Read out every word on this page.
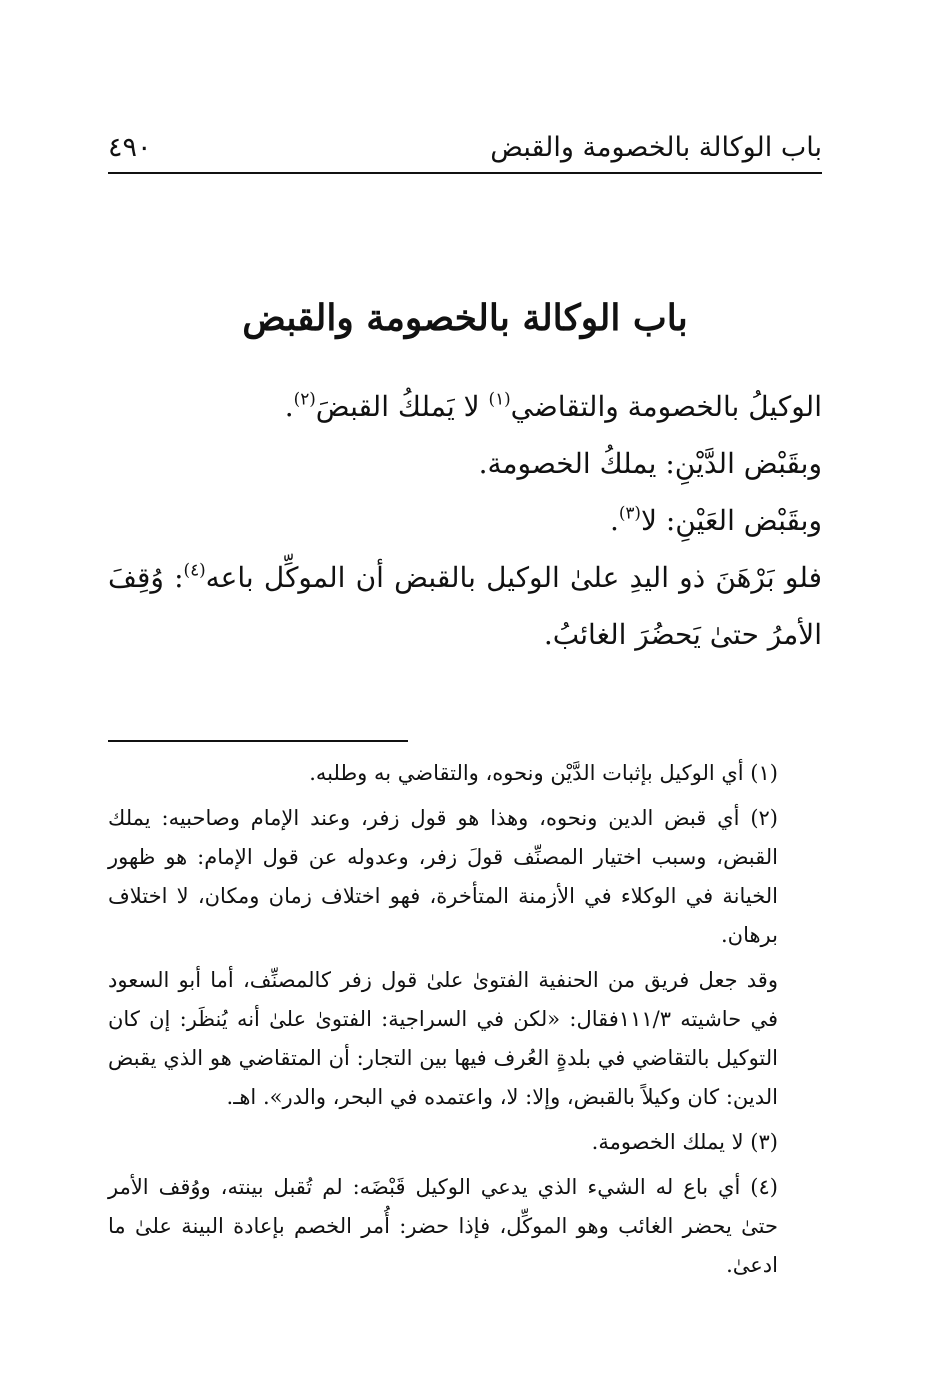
باب الوكالة بالخصومة والقبض
٤٩٠
باب الوكالة بالخصومة والقبض

الوكيلُ بالخصومة والتقاضي$^{(١)}$ لا يَملكُ القبضَ$^{(٢)}$.

وبقَبْض الدَّيْنِ: يملكُ الخصومة.

وبقَبْض العَيْنِ: لا$^{(٣)}$.

فلو بَرْهَنَ ذو اليدِ علىٰ الوكيل بالقبض أن الموكِّل باعه$^{(٤)}$: وُقِفَ الأمرُ حتىٰ يَحضُرَ الغائبُ.

(١) أي الوكيل بإثبات الدَّيْن ونحوه، والتقاضي به وطلبه.

(٢) أي قبض الدين ونحوه، وهذا هو قول زفر، وعند الإمام وصاحبيه: يملك القبض، وسبب اختيار المصنِّف قولَ زفر، وعدوله عن قول الإمام: هو ظهور الخيانة في الوكلاء في الأزمنة المتأخرة، فهو اختلاف زمان ومكان، لا اختلاف برهان.

وقد جعل فريق من الحنفية الفتوىٰ علىٰ قول زفر كالمصنِّف، أما أبو السعود في حاشيته ١١١/٣فقال: «لكن في السراجية: الفتوىٰ علىٰ أنه يُنظَر: إن كان التوكيل بالتقاضي في بلدةٍ العُرف فيها بين التجار: أن المتقاضي هو الذي يقبض الدين: كان وكيلاً بالقبض، وإلا: لا، واعتمده في البحر، والدر». اهـ.

(٣) لا يملك الخصومة.

(٤) أي باع له الشيء الذي يدعي الوكيل قَبْضَه: لم تُقبل بينته، ووُقف الأمر حتىٰ يحضر الغائب وهو الموكِّل، فإذا حضر: أُمر الخصم بإعادة البينة علىٰ ما ادعىٰ.
